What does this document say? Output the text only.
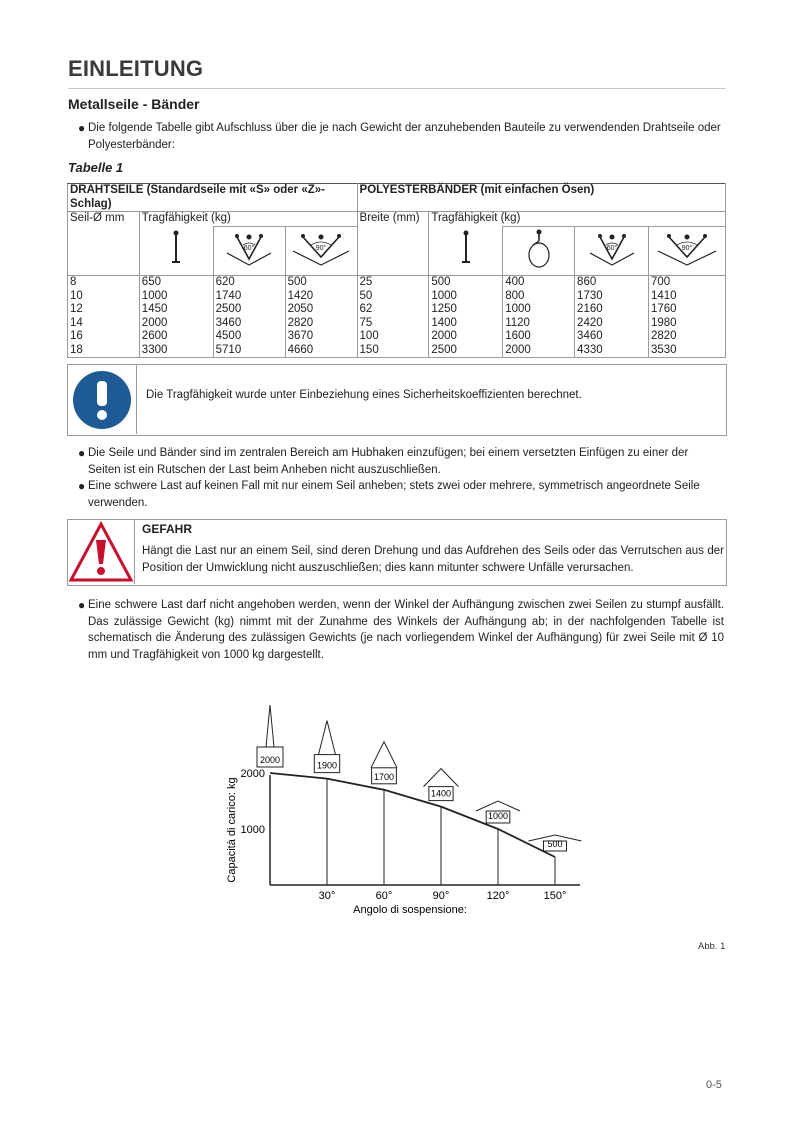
EINLEITUNG
Metallseile - Bänder
● Die folgende Tabelle gibt Aufschluss über die je nach Gewicht der anzuhebenden Bauteile zu verwendenden Drahtseile oder Polyesterbänder:
Tabelle 1
DRAHTSEILE (Standardseile mit «S» oder «Z»-Schlag)				POLYESTERBÄNDER (mit einfachen Ösen)				
Seil-Ø mm	Tragfähigkeit (kg)			Breite (mm)	Tragfähigkeit (kg)			

60°	90°				60°	90°

8	650	620	500	25	500	400	860	700
10	1000	1740	1420	50	1000	800	1730	1410
12	1450	2500	2050	62	1250	1000	2160	1760
14	2000	3460	2820	75	1400	1120	2420	1980
16	2600	4500	3670	100	2000	1600	3460	2820
18	3300	5710	4660	150	2500	2000	4330	3530
Die Tragfähigkeit wurde unter Einbeziehung eines Sicherheitskoeffizienten berechnet.
● Die Seile und Bänder sind im zentralen Bereich am Hubhaken einzufügen; bei einem versetzten Einfügen zu einer der Seiten ist ein Rutschen der Last beim Anheben nicht auszuschließen.
● Eine schwere Last auf keinen Fall mit nur einem Seil anheben; stets zwei oder mehrere, symmetrisch angeordnete Seile verwenden.
GEFAHR
Hängt die Last nur an einem Seil, sind deren Drehung und das Aufdrehen des Seils oder das Verrutschen aus der Position der Umwicklung nicht auszuschließen; dies kann mitunter schwere Unfälle verursachen.
● Eine schwere Last darf nicht angehoben werden, wenn der Winkel der Aufhängung zwischen zwei Seilen zu stumpf ausfällt. Das zulässige Gewicht (kg) nimmt mit der Zunahme des Winkels der Aufhängung ab; in der nachfolgenden Tabelle ist schematisch die Änderung des zulässigen Gewichts (je nach vorliegendem Winkel der Aufhängung) für zwei Seile mit Ø 10 mm und Tragfähigkeit von 1000 kg dargestellt.
Capacità di carico: kg
Angolo di sospensione:
1000
2000
30°	60°	90°	120°	150°
2000
1900
1700
1400
1000
500
Abb. 1
0-5
